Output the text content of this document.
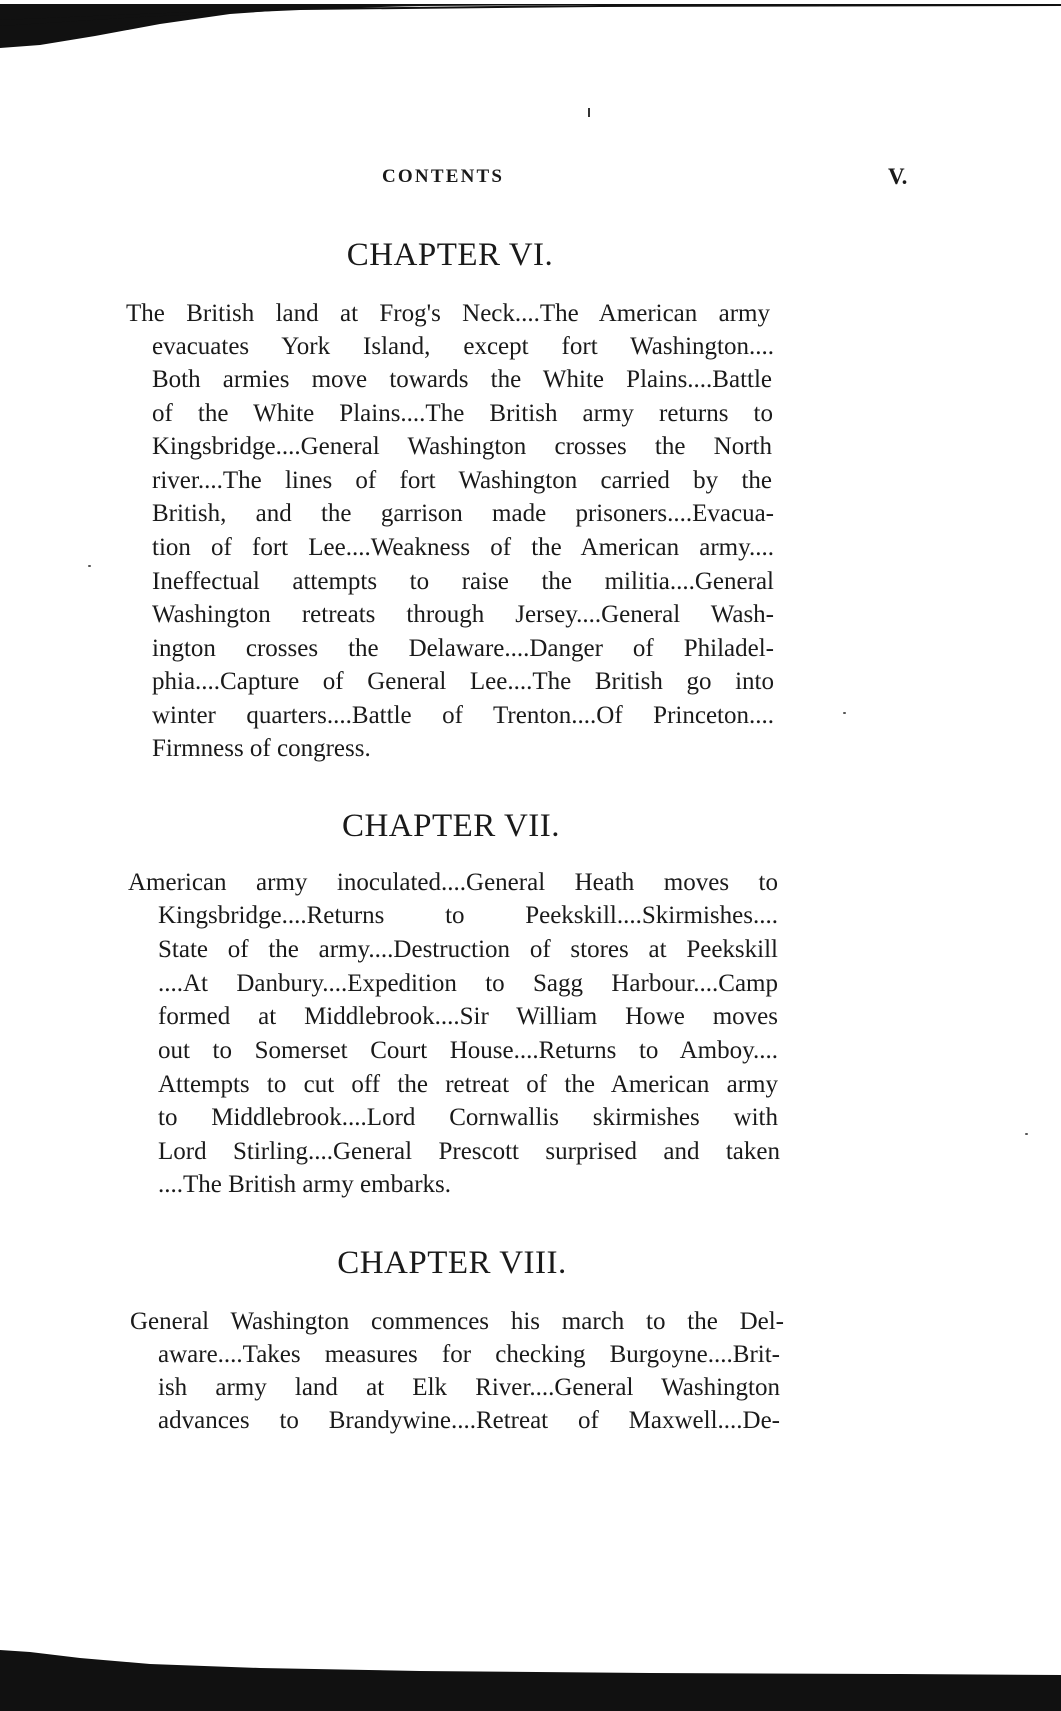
CONTENTS	V.
CHAPTER VI.
The British land at Frog's Neck....The American army
evacuates York Island, except fort Washington....
Both armies move towards the White Plains....Battle
of the White Plains....The British army returns to
Kingsbridge....General Washington crosses the North
river....The lines of fort Washington carried by the
British, and the garrison made prisoners....Evacua-
tion of fort Lee....Weakness of the American army....
Ineffectual attempts to raise the militia....General
Washington retreats through Jersey....General Wash-
ington crosses the Delaware....Danger of Philadel-
phia....Capture of General Lee....The British go into
winter quarters....Battle of Trenton....Of Princeton....
Firmness of congress.
CHAPTER VII.
American army inoculated....General Heath moves to
Kingsbridge....Returns to Peekskill....Skirmishes....
State of the army....Destruction of stores at Peekskill
....At Danbury....Expedition to Sagg Harbour....Camp
formed at Middlebrook....Sir William Howe moves
out to Somerset Court House....Returns to Amboy....
Attempts to cut off the retreat of the American army
to Middlebrook....Lord Cornwallis skirmishes with
Lord Stirling....General Prescott surprised and taken
....The British army embarks.
CHAPTER VIII.
General Washington commences his march to the Del-
aware....Takes measures for checking Burgoyne....Brit-
ish army land at Elk River....General Washington
advances to Brandywine....Retreat of Maxwell....De-
